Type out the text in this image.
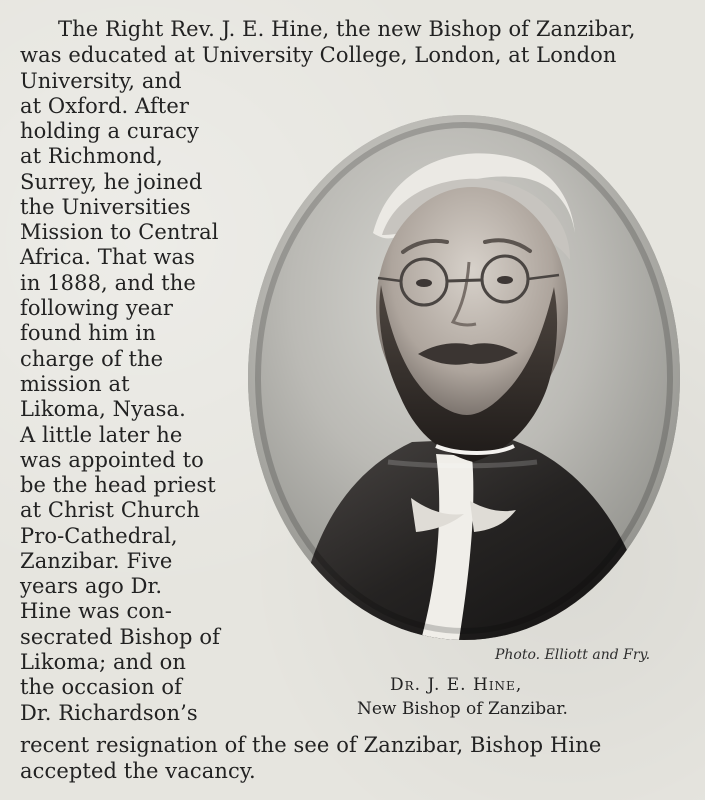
The Right Rev. J. E. Hine, the new Bishop of Zanzibar,
was educated at University College, London, at London
University, and
at Oxford. After
holding a curacy
at Richmond,
Surrey, he joined
the Universities
Mission to Central
Africa. That was
in 1888, and the
following year
found him in
charge of the
mission at
Likoma, Nyasa.
A little later he
was appointed to
be the head priest
at Christ Church
Pro-Cathedral,
Zanzibar. Five
years ago Dr.
Hine was con-
secrated Bishop of
Likoma; and on
the occasion of
Dr. Richardson’s
recent resignation of the see of Zanzibar, Bishop Hine
accepted the vacancy.
Photo. Elliott and Fry.
Dr. J. E. Hine,
New Bishop of Zanzibar.
